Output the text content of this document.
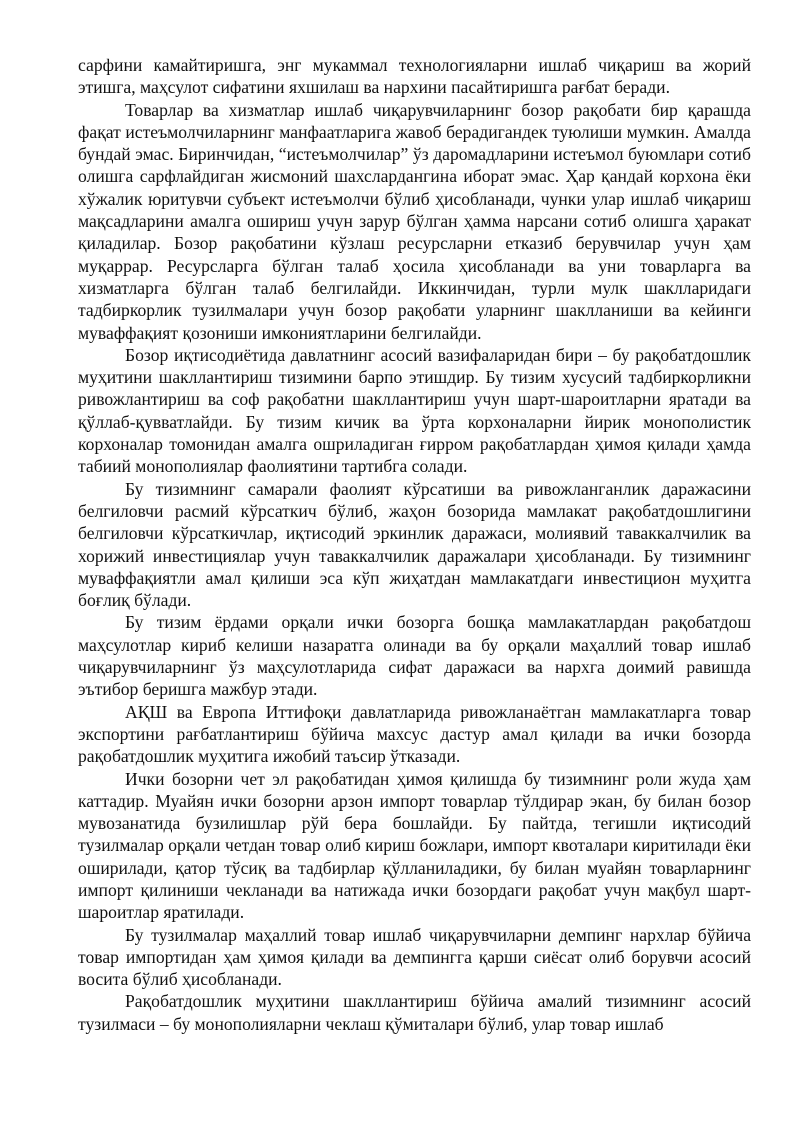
сарфини камайтиришга, энг мукаммал технологияларни ишлаб чиқариш ва жорий этишга, маҳсулот сифатини яхшилаш ва нархини пасайтиришга рағбат беради.

Товарлар ва хизматлар ишлаб чиқарувчиларнинг бозор рақобати бир қарашда фақат истеъмолчиларнинг манфаатларига жавоб берадигандек туюлиши мумкин. Амалда бундай эмас. Биринчидан, “истеъмолчилар” ўз даромадларини истеъмол буюмлари сотиб олишга сарфлайдиган жисмоний шахслардангина иборат эмас. Ҳар қандай корхона ёки хўжалик юритувчи субъект истеъмолчи бўлиб ҳисобланади, чунки улар ишлаб чиқариш мақсадларини амалга ошириш учун зарур бўлган ҳамма нарсани сотиб олишга ҳаракат қиладилар. Бозор рақобатини кўзлаш ресурсларни етказиб берувчилар учун ҳам муқаррар. Ресурсларга бўлган талаб ҳосила ҳисобланади ва уни товарларга ва хизматларга бўлган талаб белгилайди. Иккинчидан, турли мулк шаклларидаги тадбиркорлик тузилмалари учун бозор рақобати уларнинг шаклланиши ва кейинги муваффақият қозониши имкониятларини белгилайди.

Бозор иқтисодиётида давлатнинг асосий вазифаларидан бири – бу рақобатдошлик муҳитини шакллантириш тизимини барпо этишдир. Бу тизим хусусий тадбиркорликни ривожлантириш ва соф рақобатни шакллантириш учун шарт-шароитларни яратади ва қўллаб-қувватлайди. Бу тизим кичик ва ўрта корхоналарни йирик монополистик корхоналар томонидан амалга ошриладиган ғирром рақобатлардан ҳимоя қилади ҳамда табиий монополиялар фаолиятини тартибга солади.

Бу тизимнинг самарали фаолият кўрсатиши ва ривожланганлик даражасини белгиловчи расмий кўрсаткич бўлиб, жаҳон бозорида мамлакат рақобатдошлигини белгиловчи кўрсаткичлар, иқтисодий эркинлик даражаси, молиявий таваккалчилик ва хорижий инвестициялар учун таваккалчилик даражалари ҳисобланади. Бу тизимнинг муваффақиятли амал қилиши эса кўп жиҳатдан мамлакатдаги инвестицион муҳитга боғлиқ бўлади.

Бу тизим ёрдами орқали ички бозорга бошқа мамлакатлардан рақобатдош маҳсулотлар кириб келиши назаратга олинади ва бу орқали маҳаллий товар ишлаб чиқарувчиларнинг ўз маҳсулотларида сифат даражаси ва нархга доимий равишда эътибор беришга мажбур этади.

АҚШ ва Европа Иттифоқи давлатларида ривожланаётган мамлакатларга товар экспортини рағбатлантириш бўйича махсус дастур амал қилади ва ички бозорда рақобатдошлик муҳитига ижобий таъсир ўтказади.

Ички бозорни чет эл рақобатидан ҳимоя қилишда бу тизимнинг роли жуда ҳам каттадир. Муайян ички бозорни арзон импорт товарлар тўлдирар экан, бу билан бозор мувозанатида бузилишлар рўй бера бошлайди. Бу пайтда, тегишли иқтисодий тузилмалар орқали четдан товар олиб кириш божлари, импорт квоталари киритилади ёки оширилади, қатор тўсиқ ва тадбирлар қўлланиладики, бу билан муайян товарларнинг импорт қилиниши чекланади ва натижада ички бозордаги рақобат учун мақбул шарт-шароитлар яратилади.

Бу тузилмалар маҳаллий товар ишлаб чиқарувчиларни демпинг нархлар бўйича товар импортидан ҳам ҳимоя қилади ва демпингга қарши сиёсат олиб борувчи асосий восита бўлиб ҳисобланади.

Рақобатдошлик муҳитини шакллантириш бўйича амалий тизимнинг асосий тузилмаси – бу монополияларни чеклаш қўмиталари бўлиб, улар товар ишлаб
